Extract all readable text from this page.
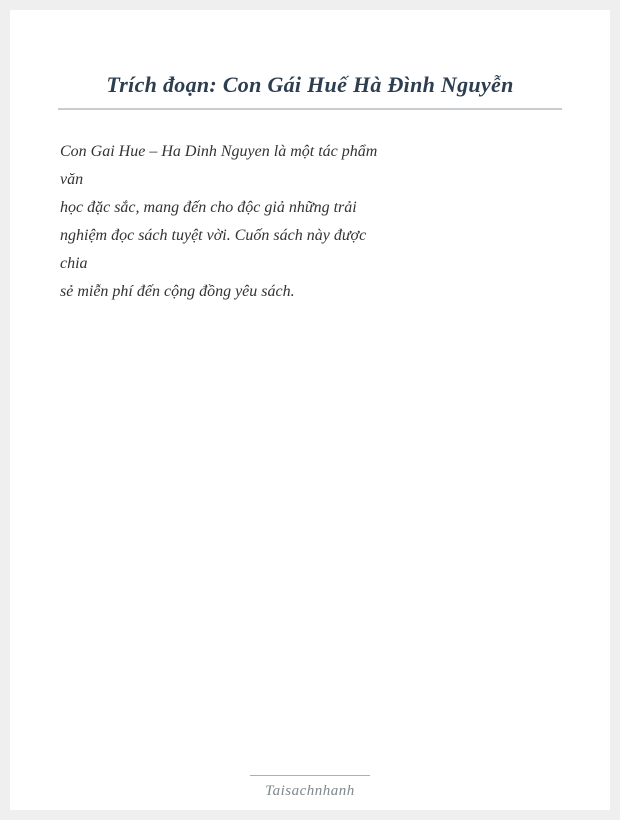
Trích đoạn: Con Gái Huế Hà Đình Nguyễn
Con Gai Hue – Ha Dinh Nguyen là một tác phẩm
văn
học đặc sắc, mang đến cho độc giả những trải
nghiệm đọc sách tuyệt vời. Cuốn sách này được
chia
sẻ miễn phí đến cộng đồng yêu sách.
Taisachnhanh
